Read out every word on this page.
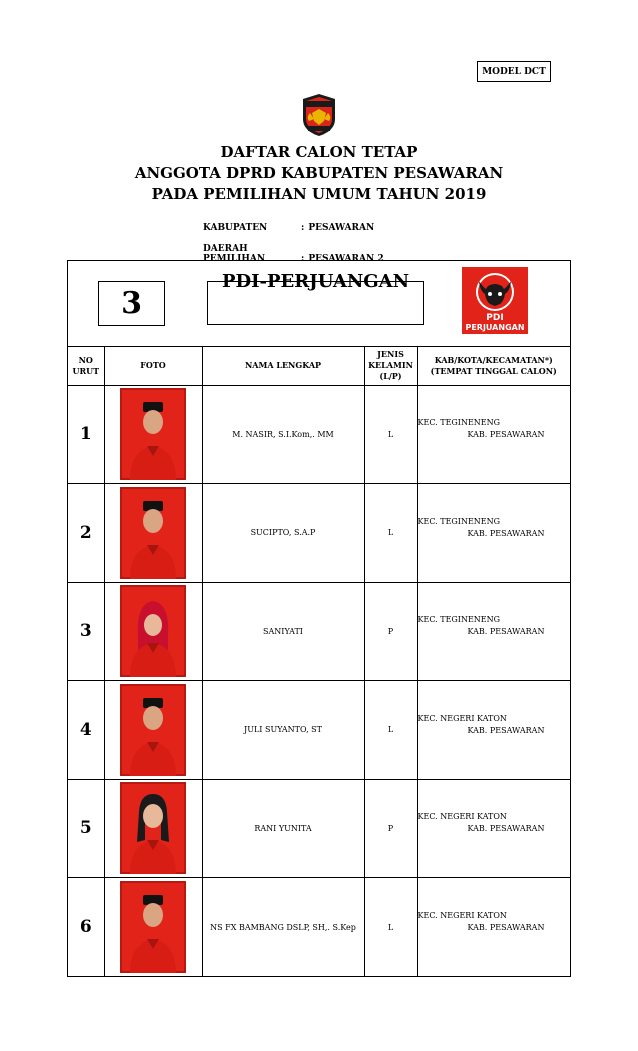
MODEL DCT
DAFTAR CALON TETAP
ANGGOTA DPRD KABUPATEN PESAWARAN
PADA PEMILIHAN UMUM TAHUN 2019
KABUPATEN	: PESAWARAN
DAERAH PEMILIHAN	: PESAWARAN 2
3
PDI-PERJUANGAN
PDI
PERJUANGAN
NO URUT	FOTO	NAMA LENGKAP	JENIS KELAMIN (L/P)	KAB/KOTA/KECAMATAN*) (TEMPAT TINGGAL CALON)
1		M. NASIR, S.I.Kom,. MM	L	KEC. TEGINENENG
KAB. PESAWARAN

2		SUCIPTO, S.A.P	L	KEC. TEGINENENG
KAB. PESAWARAN

3		SANIYATI	P	KEC. TEGINENENG
KAB. PESAWARAN

4		JULI SUYANTO, ST	L	KEC. NEGERI KATON
KAB. PESAWARAN

5		RANI YUNITA	P	KEC. NEGERI KATON
KAB. PESAWARAN

6		NS FX BAMBANG DSLP, SH,. S.Kep	L	KEC. NEGERI KATON
KAB. PESAWARAN
